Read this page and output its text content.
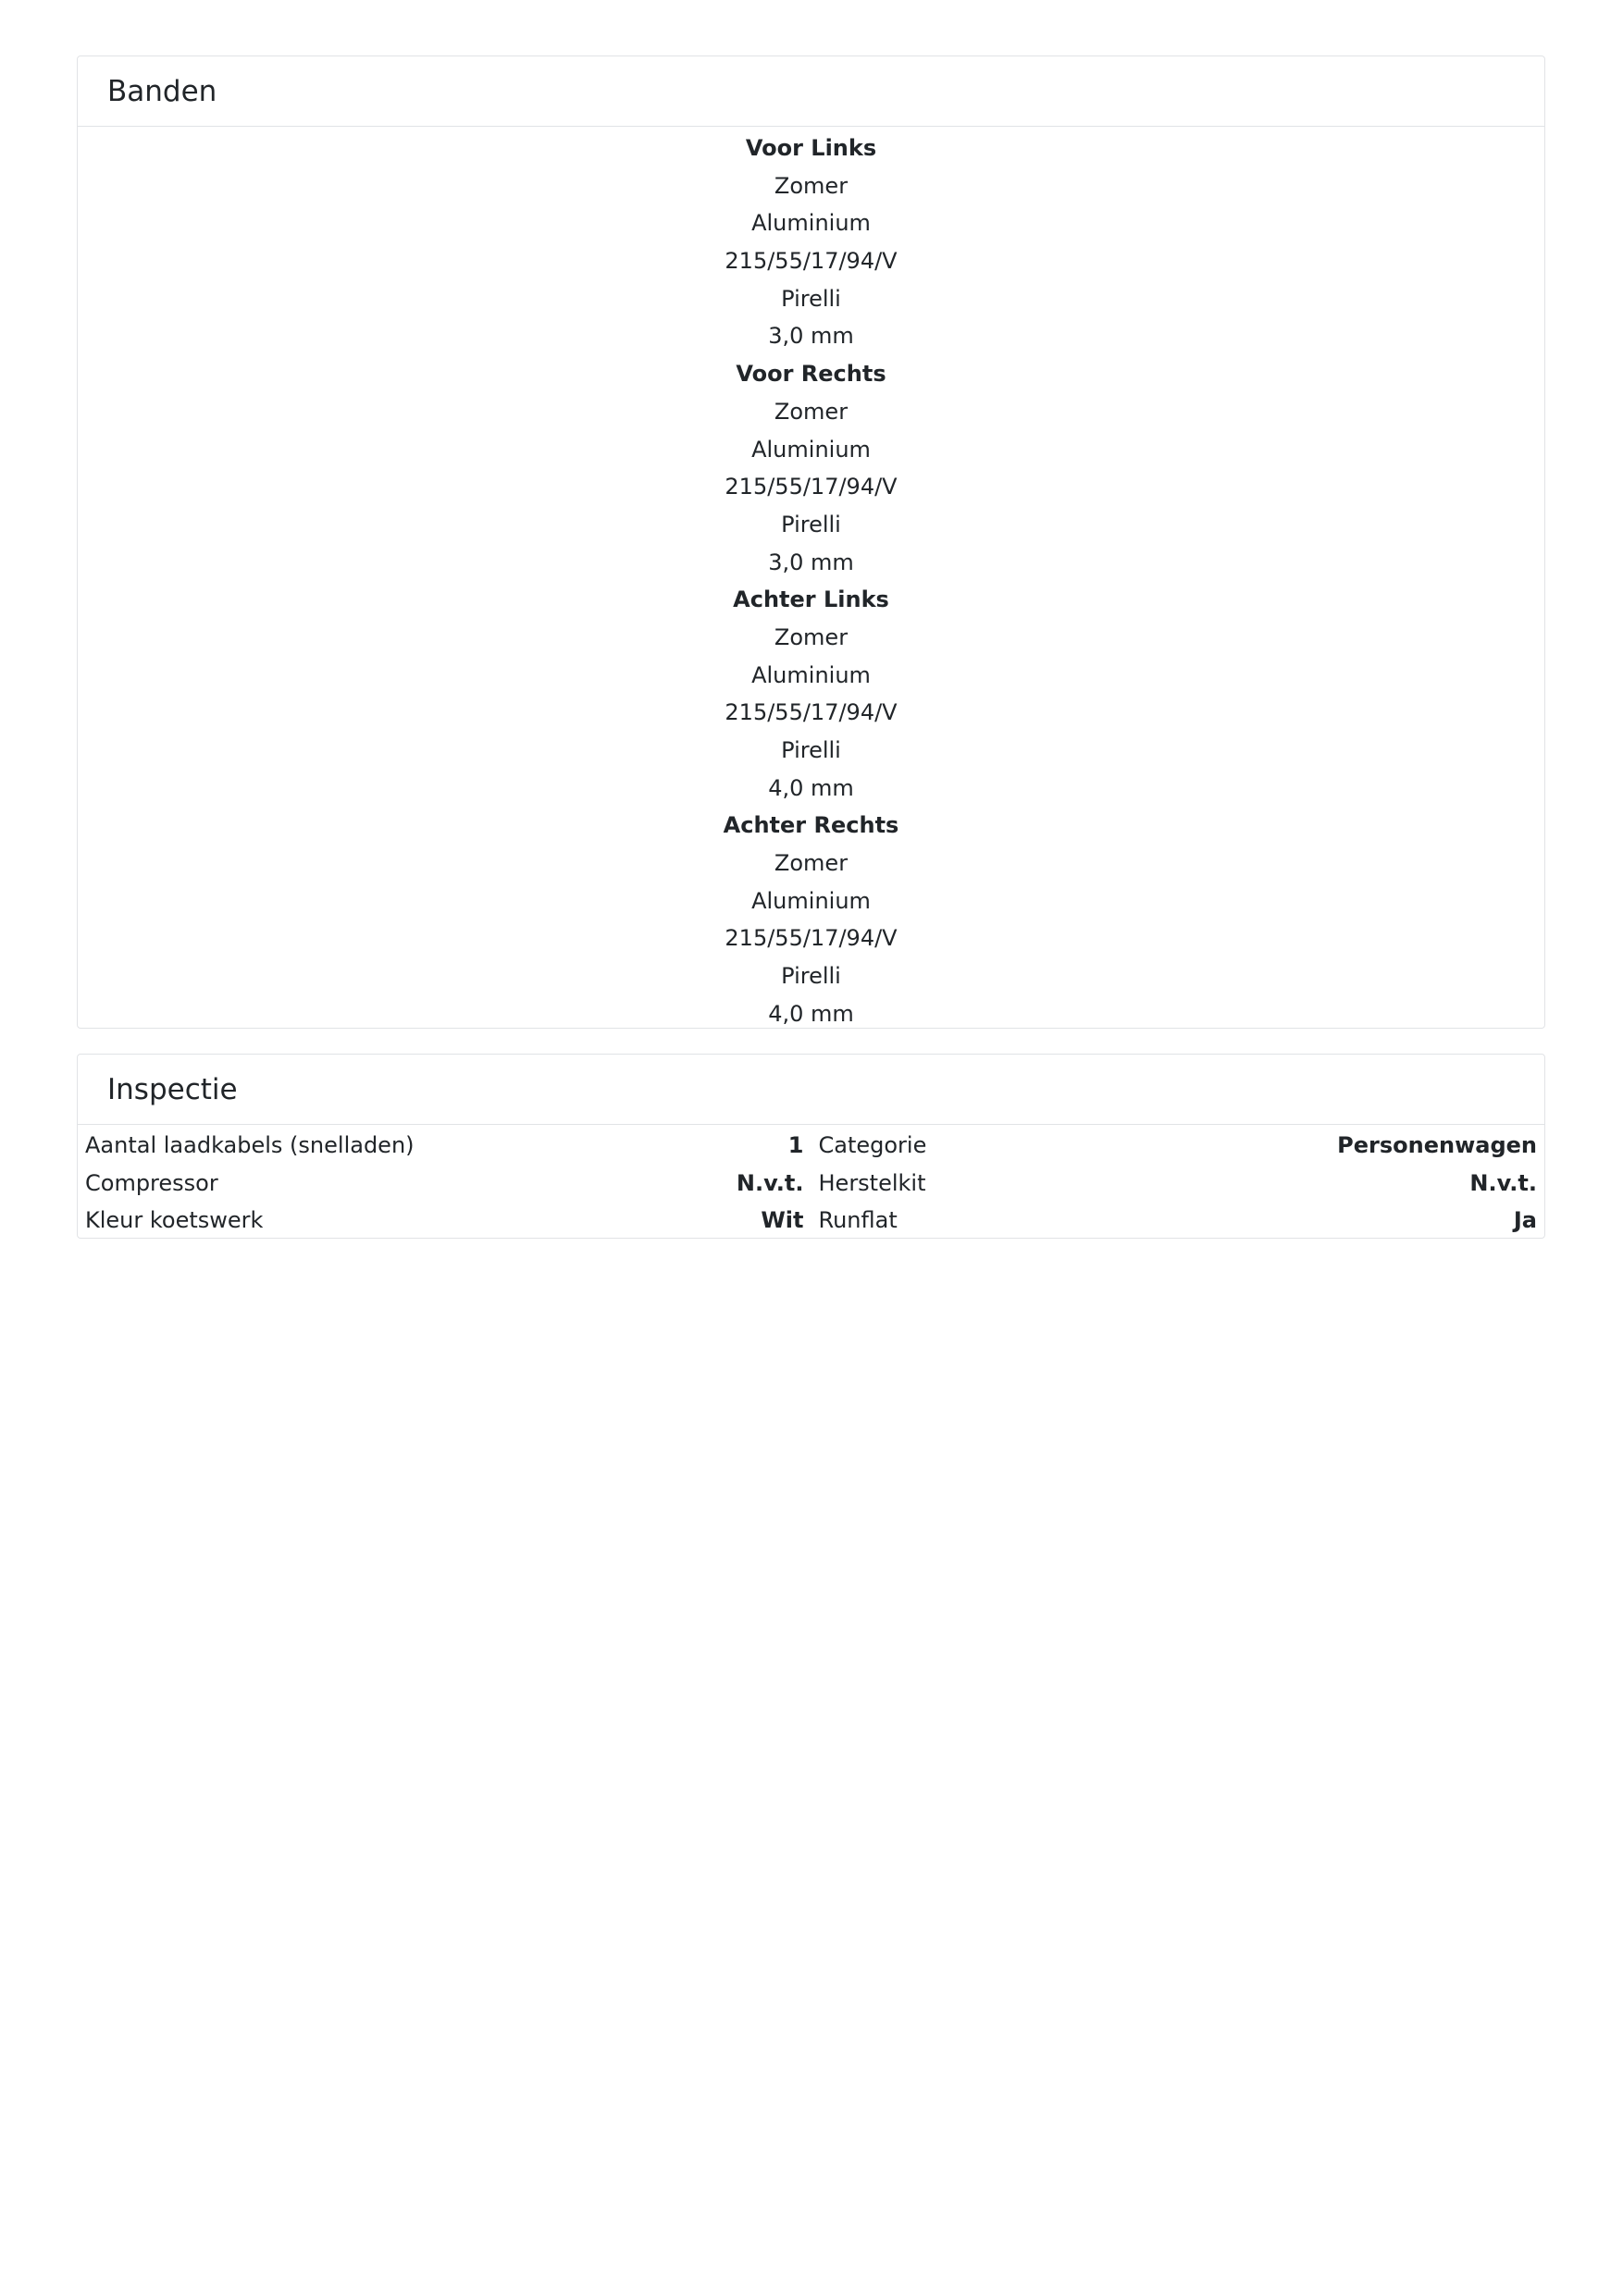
Banden
Voor Links
Zomer
Aluminium
215/55/17/94/V
Pirelli
3,0 mm
Voor Rechts
Zomer
Aluminium
215/55/17/94/V
Pirelli
3,0 mm
Achter Links
Zomer
Aluminium
215/55/17/94/V
Pirelli
4,0 mm
Achter Rechts
Zomer
Aluminium
215/55/17/94/V
Pirelli
4,0 mm
Inspectie
Aantal laadkabels (snelladen)	1 Categorie	Personenwagen
Compressor	N.v.t. Herstelkit	N.v.t.
Kleur koetswerk	Wit Runflat	Ja
